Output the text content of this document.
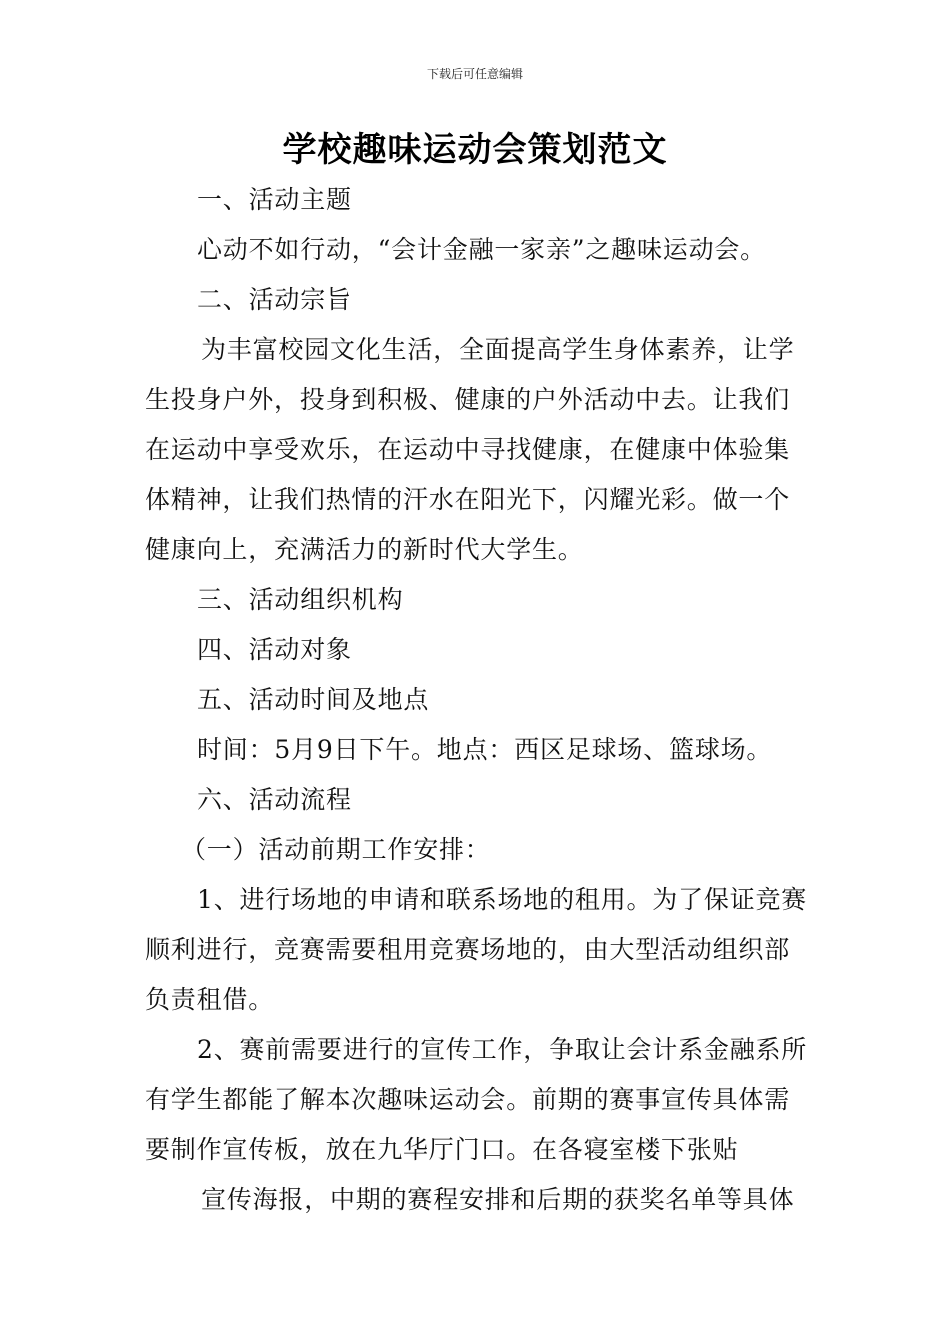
下载后可任意编辑
学校趣味运动会策划范文

一、活动主题

心动不如行动，“会计金融一家亲”之趣味运动会。

二、活动宗旨

为丰富校园文化生活，全面提高学生身体素养，让学

生投身户外，投身到积极、健康的户外活动中去。让我们

在运动中享受欢乐，在运动中寻找健康，在健康中体验集

体精神，让我们热情的汗水在阳光下，闪耀光彩。做一个

健康向上，充满活力的新时代大学生。

三、活动组织机构

四、活动对象

五、活动时间及地点

时间：5月9日下午。地点：西区足球场、篮球场。

六、活动流程

（一）活动前期工作安排：

1、进行场地的申请和联系场地的租用。为了保证竞赛

顺利进行，竞赛需要租用竞赛场地的，由大型活动组织部

负责租借。

2、赛前需要进行的宣传工作，争取让会计系金融系所

有学生都能了解本次趣味运动会。前期的赛事宣传具体需

要制作宣传板，放在九华厅门口。在各寝室楼下张贴

宣传海报，中期的赛程安排和后期的获奖名单等具体
